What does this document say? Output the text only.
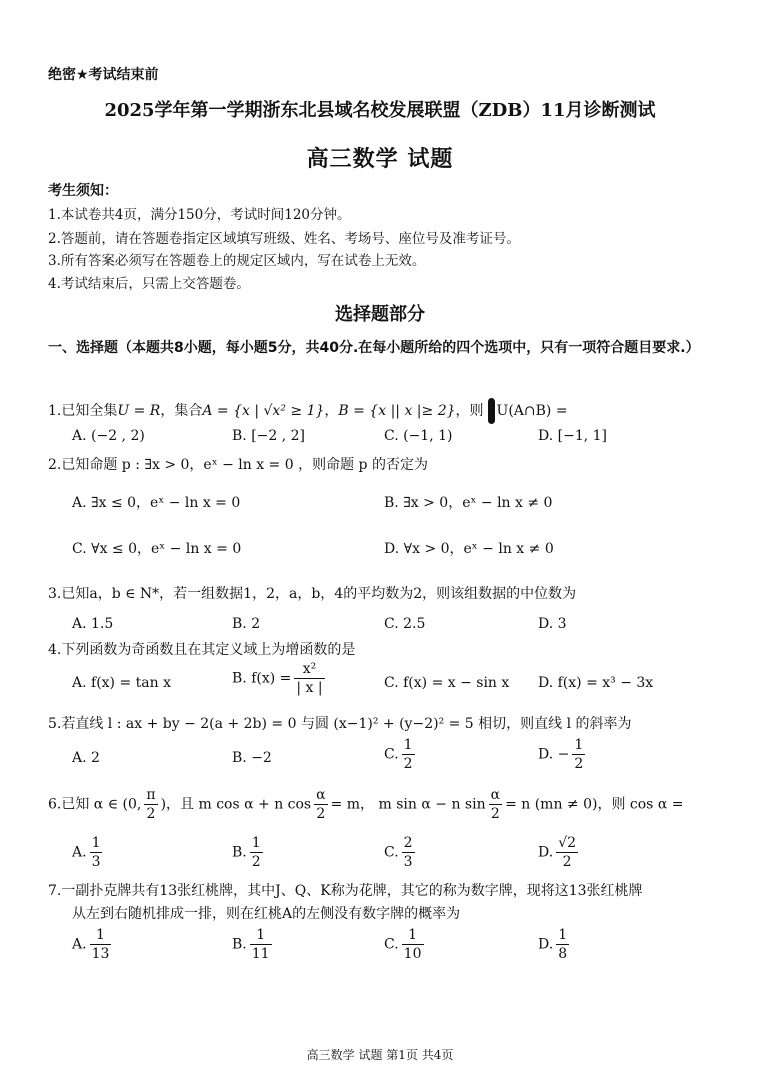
绝密★考试结束前
2025学年第一学期浙东北县域名校发展联盟（ZDB）11月诊断测试
高三数学 试题
考生须知：
1.本试卷共4页，满分150分，考试时间120分钟。
2.答题前，请在答题卷指定区域填写班级、姓名、考场号、座位号及准考证号。
3.所有答案必须写在答题卷上的规定区域内，写在试卷上无效。
4.考试结束后，只需上交答题卷。
选择题部分
一、选择题（本题共8小题，每小题5分，共40分.在每小题所给的四个选项中，只有一项符合题目要求.）
1.已知全集U = R，集合A = {x | √x² ≥ 1}，B = {x || x |≥ 2}，则 U(A∩B) =
A. (−2 , 2)	B. [−2 , 2]	C. (−1, 1)	D. [−1, 1]
2.已知命题 p : ∃x > 0，eˣ − ln x = 0 ，则命题 p 的否定为
A. ∃x ≤ 0，eˣ − ln x = 0	B. ∃x > 0，eˣ − ln x ≠ 0
C. ∀x ≤ 0，eˣ − ln x = 0	D. ∀x > 0，eˣ − ln x ≠ 0
3.已知a，b ∈ N*，若一组数据1，2，a，b，4的平均数为2，则该组数据的中位数为
A. 1.5	B. 2	C. 2.5	D. 3
4.下列函数为奇函数且在其定义域上为增函数的是
A. f(x) = tan x	B. $f(x) = \frac{\text{x²}}{| x |}$	C. f(x) = x − sin x D. f(x) = x³ − 3x
5.若直线 l : ax + by − 2(a + 2b) = 0 与圆 (x−1)² + (y−2)² = 5 相切，则直线 l 的斜率为
A. 2	B. −2	C. $\frac{1}{2}$	D. − $\frac{1}{2}$
6.已知 α ∈ (0, $\frac{\pi}{2}$ )，且 m cos α + n $\cos \frac{\alpha}{2} = m$， m sin α − n $\sin \frac{\alpha}{2} = n$ (mn ≠ 0)，则 cos α =
A. $\frac{1}{3}$	B. $\frac{1}{2}$	C. $\frac{2}{3}$	D. $\frac{√2}{2}$
7.一副扑克牌共有13张红桃牌，其中J、Q、K称为花牌，其它的称为数字牌，现将这13张红桃牌
从左到右随机排成一排，则在红桃A的左侧没有数字牌的概率为
A. $\frac{1}{13}$	B. $\frac{1}{11}$	C. $\frac{1}{10}$	D. $\frac{1}{8}$
高三数学 试题 第1页 共4页
